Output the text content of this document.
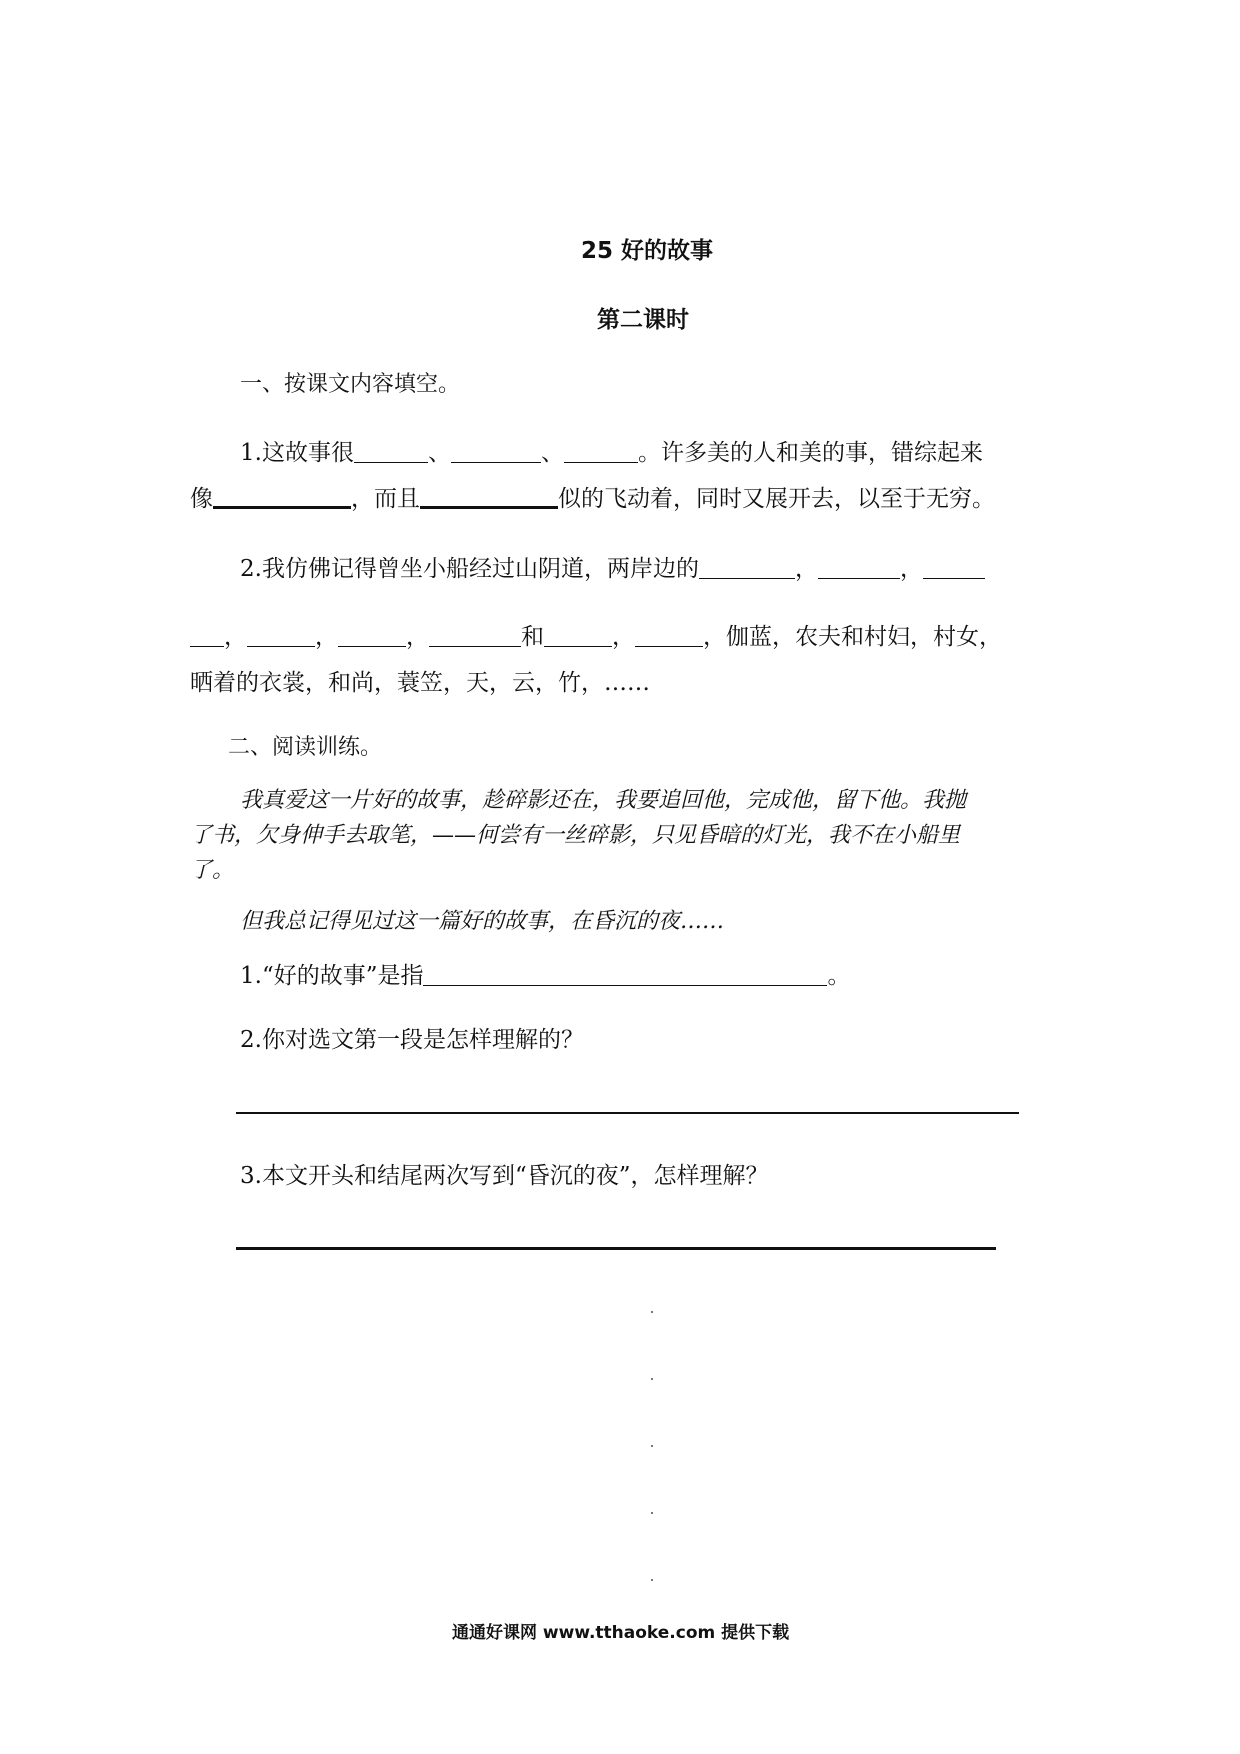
25 好的故事
第二课时
一、按课文内容填空。
1.这故事很	、	、	。许多美的人和美的事，错综起来
像	，而且	似的飞动着，同时又展开去，以至于无穷。
2.我仿佛记得曾坐小船经过山阴道，两岸边的	，	，
，	，	，	和	，	，伽蓝，农夫和村妇，村女，
晒着的衣裳，和尚，蓑笠，天，云，竹，……
二、阅读训练。
我真爱这一片好的故事，趁碎影还在，我要追回他，完成他，留下他。我抛
了书，欠身伸手去取笔，——何尝有一丝碎影，只见昏暗的灯光，我不在小船里
了。
但我总记得见过这一篇好的故事，在昏沉的夜……
1.“好的故事”是指	。
2.你对选文第一段是怎样理解的？
3.本文开头和结尾两次写到“昏沉的夜”，怎样理解？
通通好课网 www.tthaoke.com 提供下载
